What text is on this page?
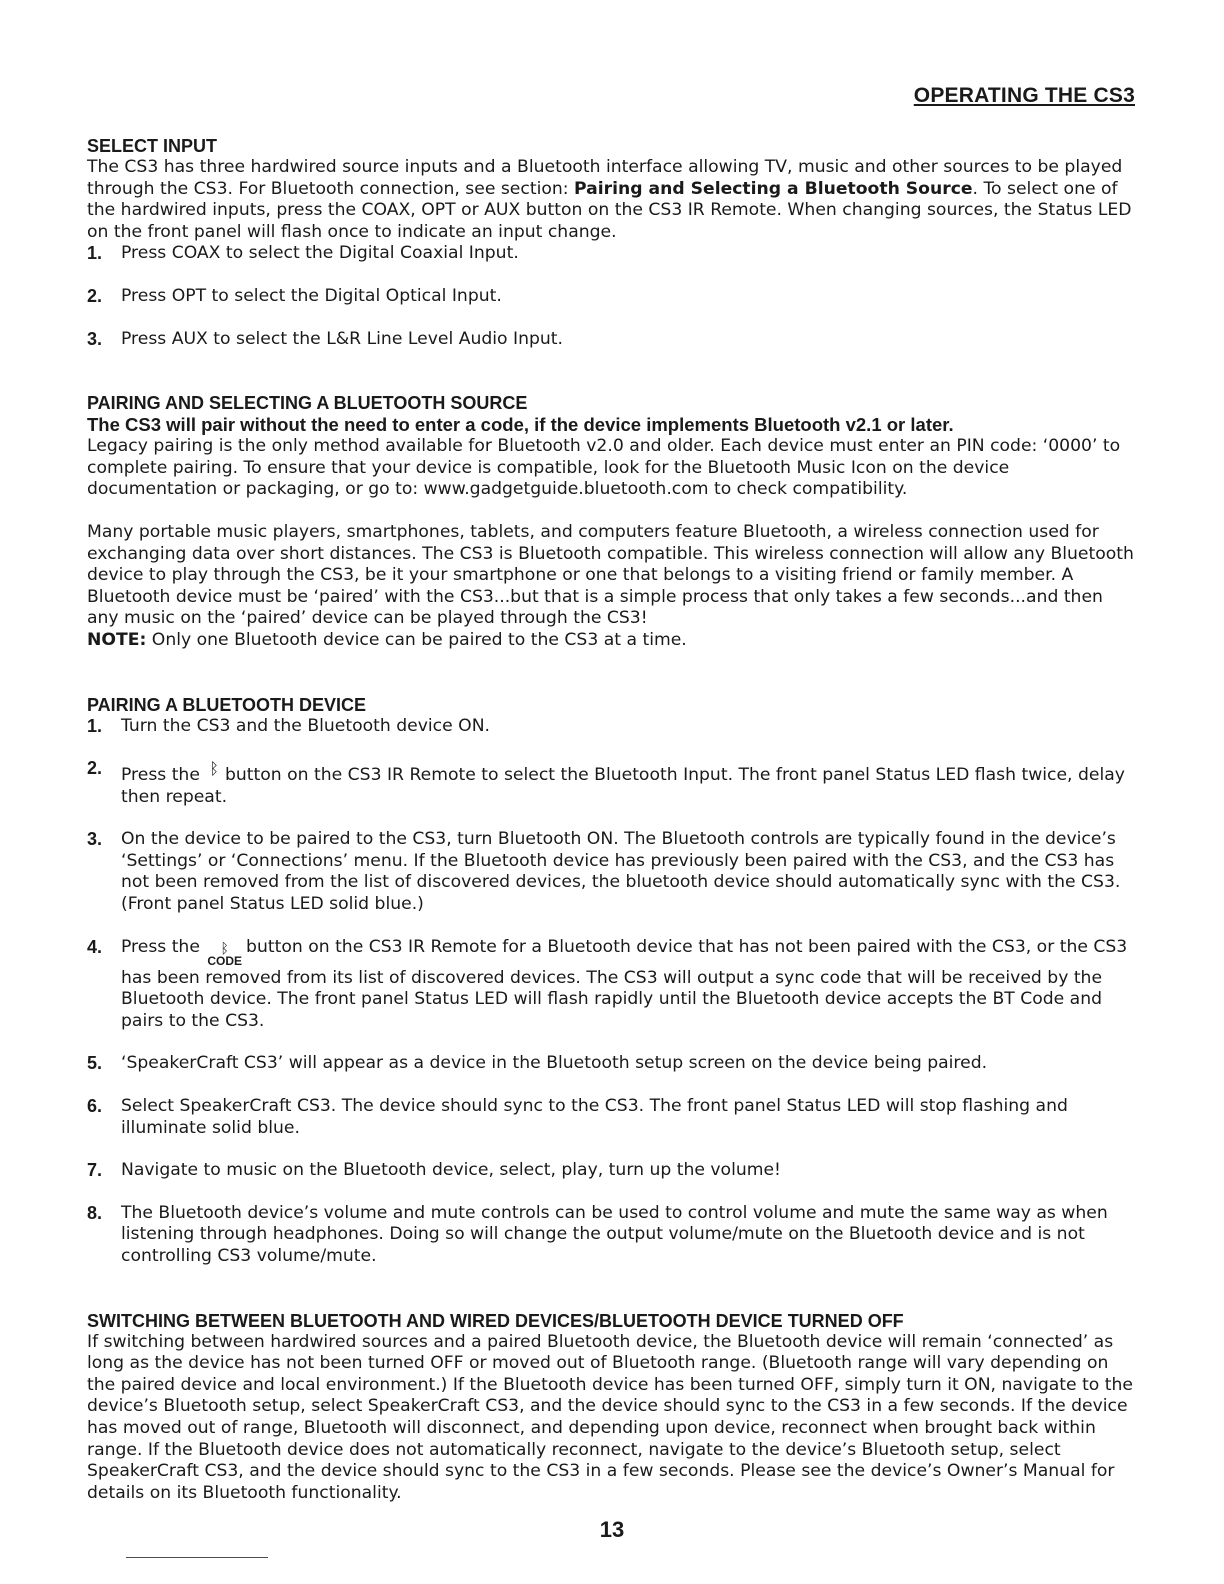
OPERATING THE CS3
SELECT INPUT

The CS3 has three hardwired source inputs and a Bluetooth interface allowing TV, music and other sources to be played through the CS3. For Bluetooth connection, see section: Pairing and Selecting a Bluetooth Source. To select one of the hardwired inputs, press the COAX, OPT or AUX button on the CS3 IR Remote. When changing sources, the Status LED on the front panel will flash once to indicate an input change.

1.	Press COAX to select the Digital Coaxial Input.
2.	Press OPT to select the Digital Optical Input.
3.	Press AUX to select the L&R Line Level Audio Input.
PAIRING AND SELECTING A BLUETOOTH SOURCE
The CS3 will pair without the need to enter a code, if the device implements Bluetooth v2.1 or later.

Legacy pairing is the only method available for Bluetooth v2.0 and older. Each device must enter an PIN code: ‘0000’ to complete pairing. To ensure that your device is compatible, look for the Bluetooth Music Icon on the device documentation or packaging, or go to: www.gadgetguide.bluetooth.com to check compatibility.

Many portable music players, smartphones, tablets, and computers feature Bluetooth, a wireless connection used for exchanging data over short distances. The CS3 is Bluetooth compatible. This wireless connection will allow any Bluetooth device to play through the CS3, be it your smartphone or one that belongs to a visiting friend or family member. A Bluetooth device must be ‘paired’ with the CS3...but that is a simple process that only takes a few seconds...and then any music on the ‘paired’ device can be played through the CS3!

NOTE: Only one Bluetooth device can be paired to the CS3 at a time.

PAIRING A BLUETOOTH DEVICE
1.	Turn the CS3 and the Bluetooth device ON.
2.	Press the ᛒ button on the CS3 IR Remote to select the Bluetooth Input. The front panel Status LED flash twice, delay then repeat.
3.	On the device to be paired to the CS3, turn Bluetooth ON. The Bluetooth controls are typically found in the device’s ‘Settings’ or ‘Connections’ menu. If the Bluetooth device has previously been paired with the CS3, and the CS3 has not been removed from the list of discovered devices, the bluetooth device should automatically sync with the CS3. (Front panel Status LED solid blue.)
4.	Press the ᛒ
CODE
button on the CS3 IR Remote for a Bluetooth device that has not been paired with the CS3, or the CS3 has been removed from its list of discovered devices. The CS3 will output a sync code that will be received by the Bluetooth device. The front panel Status LED will flash rapidly until the Bluetooth device accepts the BT Code and pairs to the CS3.
5.	‘SpeakerCraft CS3’ will appear as a device in the Bluetooth setup screen on the device being paired.
6.	Select SpeakerCraft CS3. The device should sync to the CS3. The front panel Status LED will stop flashing and illuminate solid blue.
7.	Navigate to music on the Bluetooth device, select, play, turn up the volume!
8.	The Bluetooth device’s volume and mute controls can be used to control volume and mute the same way as when listening through headphones. Doing so will change the output volume/mute on the Bluetooth device and is not controlling CS3 volume/mute.
SWITCHING BETWEEN BLUETOOTH AND WIRED DEVICES/BLUETOOTH DEVICE TURNED OFF

If switching between hardwired sources and a paired Bluetooth device, the Bluetooth device will remain ‘connected’ as long as the device has not been turned OFF or moved out of Bluetooth range. (Bluetooth range will vary depending on the paired device and local environment.) If the Bluetooth device has been turned OFF, simply turn it ON, navigate to the device’s Bluetooth setup, select SpeakerCraft CS3, and the device should sync to the CS3 in a few seconds. If the device has moved out of range, Bluetooth will disconnect, and depending upon device, reconnect when brought back within range. If the Bluetooth device does not automatically reconnect, navigate to the device’s Bluetooth setup, select SpeakerCraft CS3, and the device should sync to the CS3 in a few seconds. Please see the device’s Owner’s Manual for details on its Bluetooth functionality.

13
